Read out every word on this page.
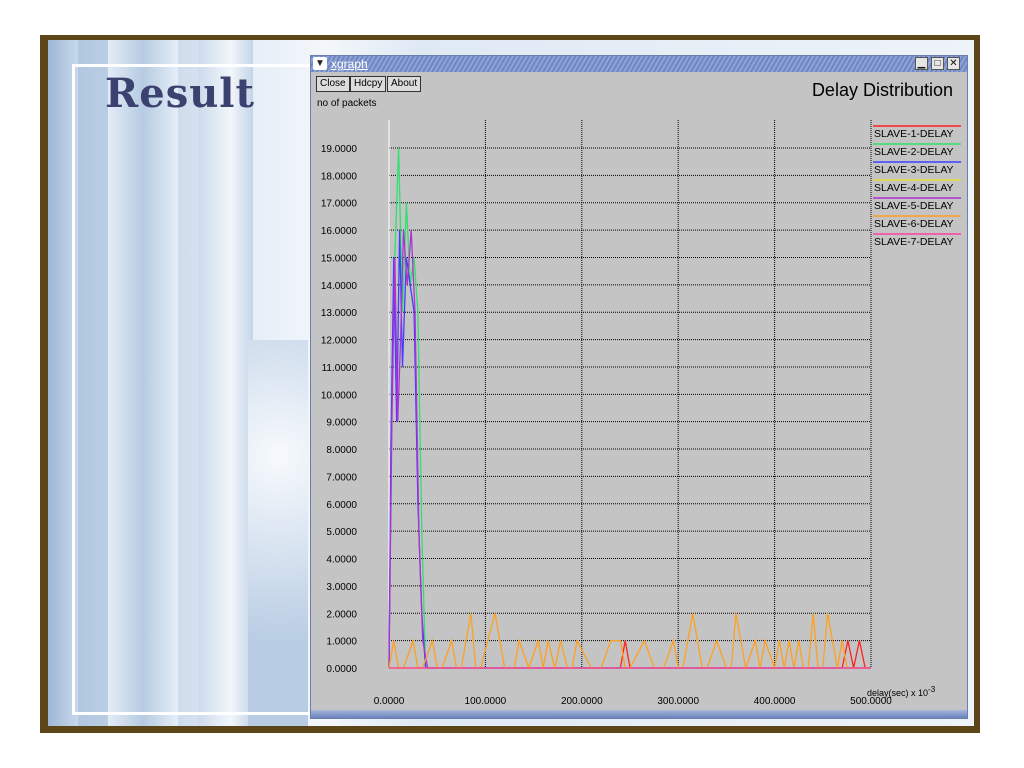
Result
▼ xgraph	▁ □ ✕
Close Hdcpy About	Delay Distribution
no of packets
0.0000
1.0000
2.0000
3.0000
4.0000
5.0000
6.0000
7.0000
8.0000
9.0000
10.0000
11.0000
12.0000
13.0000
14.0000
15.0000
16.0000
17.0000
18.0000
19.0000
0.0000	100.0000	200.0000	300.0000	400.0000	500.0000
SLAVE-1-DELAY
SLAVE-2-DELAY
SLAVE-3-DELAY
SLAVE-4-DELAY
SLAVE-5-DELAY
SLAVE-6-DELAY
SLAVE-7-DELAY
delay(sec) x $10^{-3}$
